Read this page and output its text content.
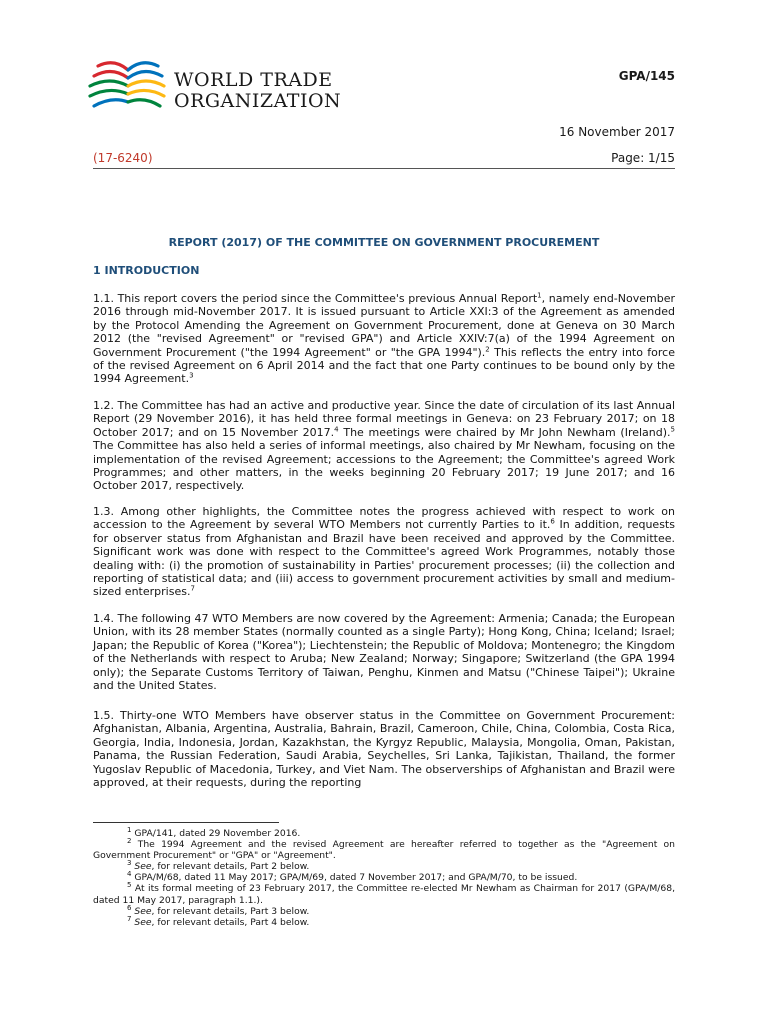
WORLD TRADE
ORGANIZATION
GPA/145
16 November 2017
(17-6240)	Page: 1/15
REPORT (2017) OF THE COMMITTEE ON GOVERNMENT PROCUREMENT
1 INTRODUCTION

1.1. This report covers the period since the Committee's previous Annual Report$^1$, namely end-November 2016 through mid-November 2017. It is issued pursuant to Article XXI:3 of the Agreement as amended by the Protocol Amending the Agreement on Government Procurement, done at Geneva on 30 March 2012 (the "revised Agreement" or "revised GPA") and Article XXIV:7(a) of the 1994 Agreement on Government Procurement ("the 1994 Agreement" or "the GPA 1994").$^2$ This reflects the entry into force of the revised Agreement on 6 April 2014 and the fact that one Party continues to be bound only by the 1994 Agreement.$^3$

1.2. The Committee has had an active and productive year. Since the date of circulation of its last Annual Report (29 November 2016), it has held three formal meetings in Geneva: on 23 February 2017; on 18 October 2017; and on 15 November 2017.$^4$ The meetings were chaired by Mr John Newham (Ireland).$^5$ The Committee has also held a series of informal meetings, also chaired by Mr Newham, focusing on the implementation of the revised Agreement; accessions to the Agreement; the Committee's agreed Work Programmes; and other matters, in the weeks beginning 20 February 2017; 19 June 2017; and 16 October 2017, respectively.

1.3. Among other highlights, the Committee notes the progress achieved with respect to work on accession to the Agreement by several WTO Members not currently Parties to it.$^6$ In addition, requests for observer status from Afghanistan and Brazil have been received and approved by the Committee. Significant work was done with respect to the Committee's agreed Work Programmes, notably those dealing with: (i) the promotion of sustainability in Parties' procurement processes; (ii) the collection and reporting of statistical data; and (iii) access to government procurement activities by small and medium-sized enterprises.$^7$

1.4. The following 47 WTO Members are now covered by the Agreement: Armenia; Canada; the European Union, with its 28 member States (normally counted as a single Party); Hong Kong, China; Iceland; Israel; Japan; the Republic of Korea ("Korea"); Liechtenstein; the Republic of Moldova; Montenegro; the Kingdom of the Netherlands with respect to Aruba; New Zealand; Norway; Singapore; Switzerland (the GPA 1994 only); the Separate Customs Territory of Taiwan, Penghu, Kinmen and Matsu ("Chinese Taipei"); Ukraine and the United States.

1.5. Thirty-one WTO Members have observer status in the Committee on Government Procurement: Afghanistan, Albania, Argentina, Australia, Bahrain, Brazil, Cameroon, Chile, China, Colombia, Costa Rica, Georgia, India, Indonesia, Jordan, Kazakhstan, the Kyrgyz Republic, Malaysia, Mongolia, Oman, Pakistan, Panama, the Russian Federation, Saudi Arabia, Seychelles, Sri Lanka, Tajikistan, Thailand, the former Yugoslav Republic of Macedonia, Turkey, and Viet Nam. The observerships of Afghanistan and Brazil were approved, at their requests, during the reporting

$^1$ GPA/141, dated 29 November 2016.

$^2$ The 1994 Agreement and the revised Agreement are hereafter referred to together as the "Agreement on Government Procurement" or "GPA" or "Agreement".

$^3$ See, for relevant details, Part 2 below.

$^4$ GPA/M/68, dated 11 May 2017; GPA/M/69, dated 7 November 2017; and GPA/M/70, to be issued.

$^5$ At its formal meeting of 23 February 2017, the Committee re-elected Mr Newham as Chairman for 2017 (GPA/M/68, dated 11 May 2017, paragraph 1.1.).

$^6$ See, for relevant details, Part 3 below.

$^7$ See, for relevant details, Part 4 below.
